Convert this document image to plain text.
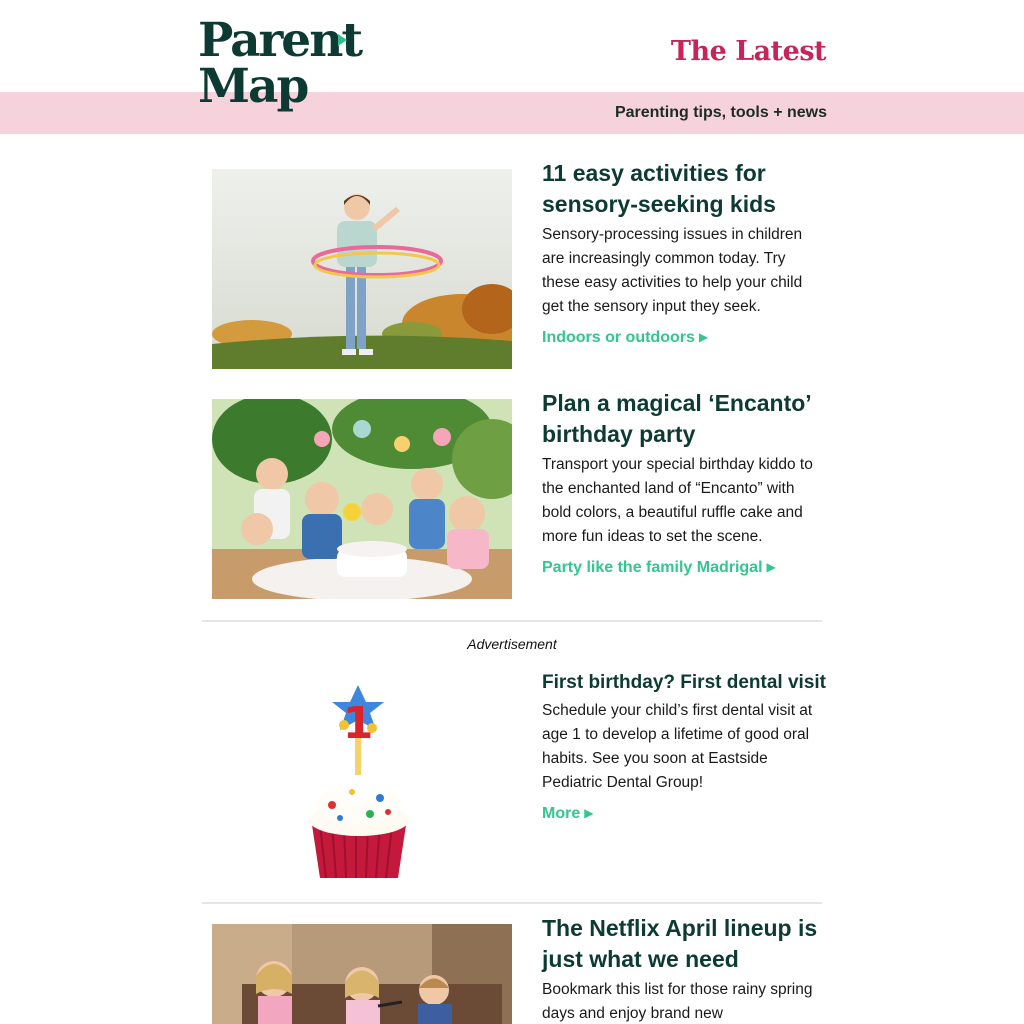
Parent
Map
The Latest
Parenting tips, tools + news
11 easy activities for sensory-seeking kids
Sensory-processing issues in children are increasingly common today. Try these easy activities to help your child get the sensory input they seek.
Indoors or outdoors ▶
Plan a magical ‘Encanto’ birthday party
Transport your special birthday kiddo to the enchanted land of “Encanto” with bold colors, a beautiful ruffle cake and more fun ideas to set the scene.
Party like the family Madrigal ▶
Advertisement
1
First birthday? First dental visit
Schedule your child’s first dental visit at age 1 to develop a lifetime of good oral habits. See you soon at Eastside Pediatric Dental Group!
More ▶
The Netflix April lineup is just what we need
Bookmark this list for those rainy spring days and enjoy brand new
